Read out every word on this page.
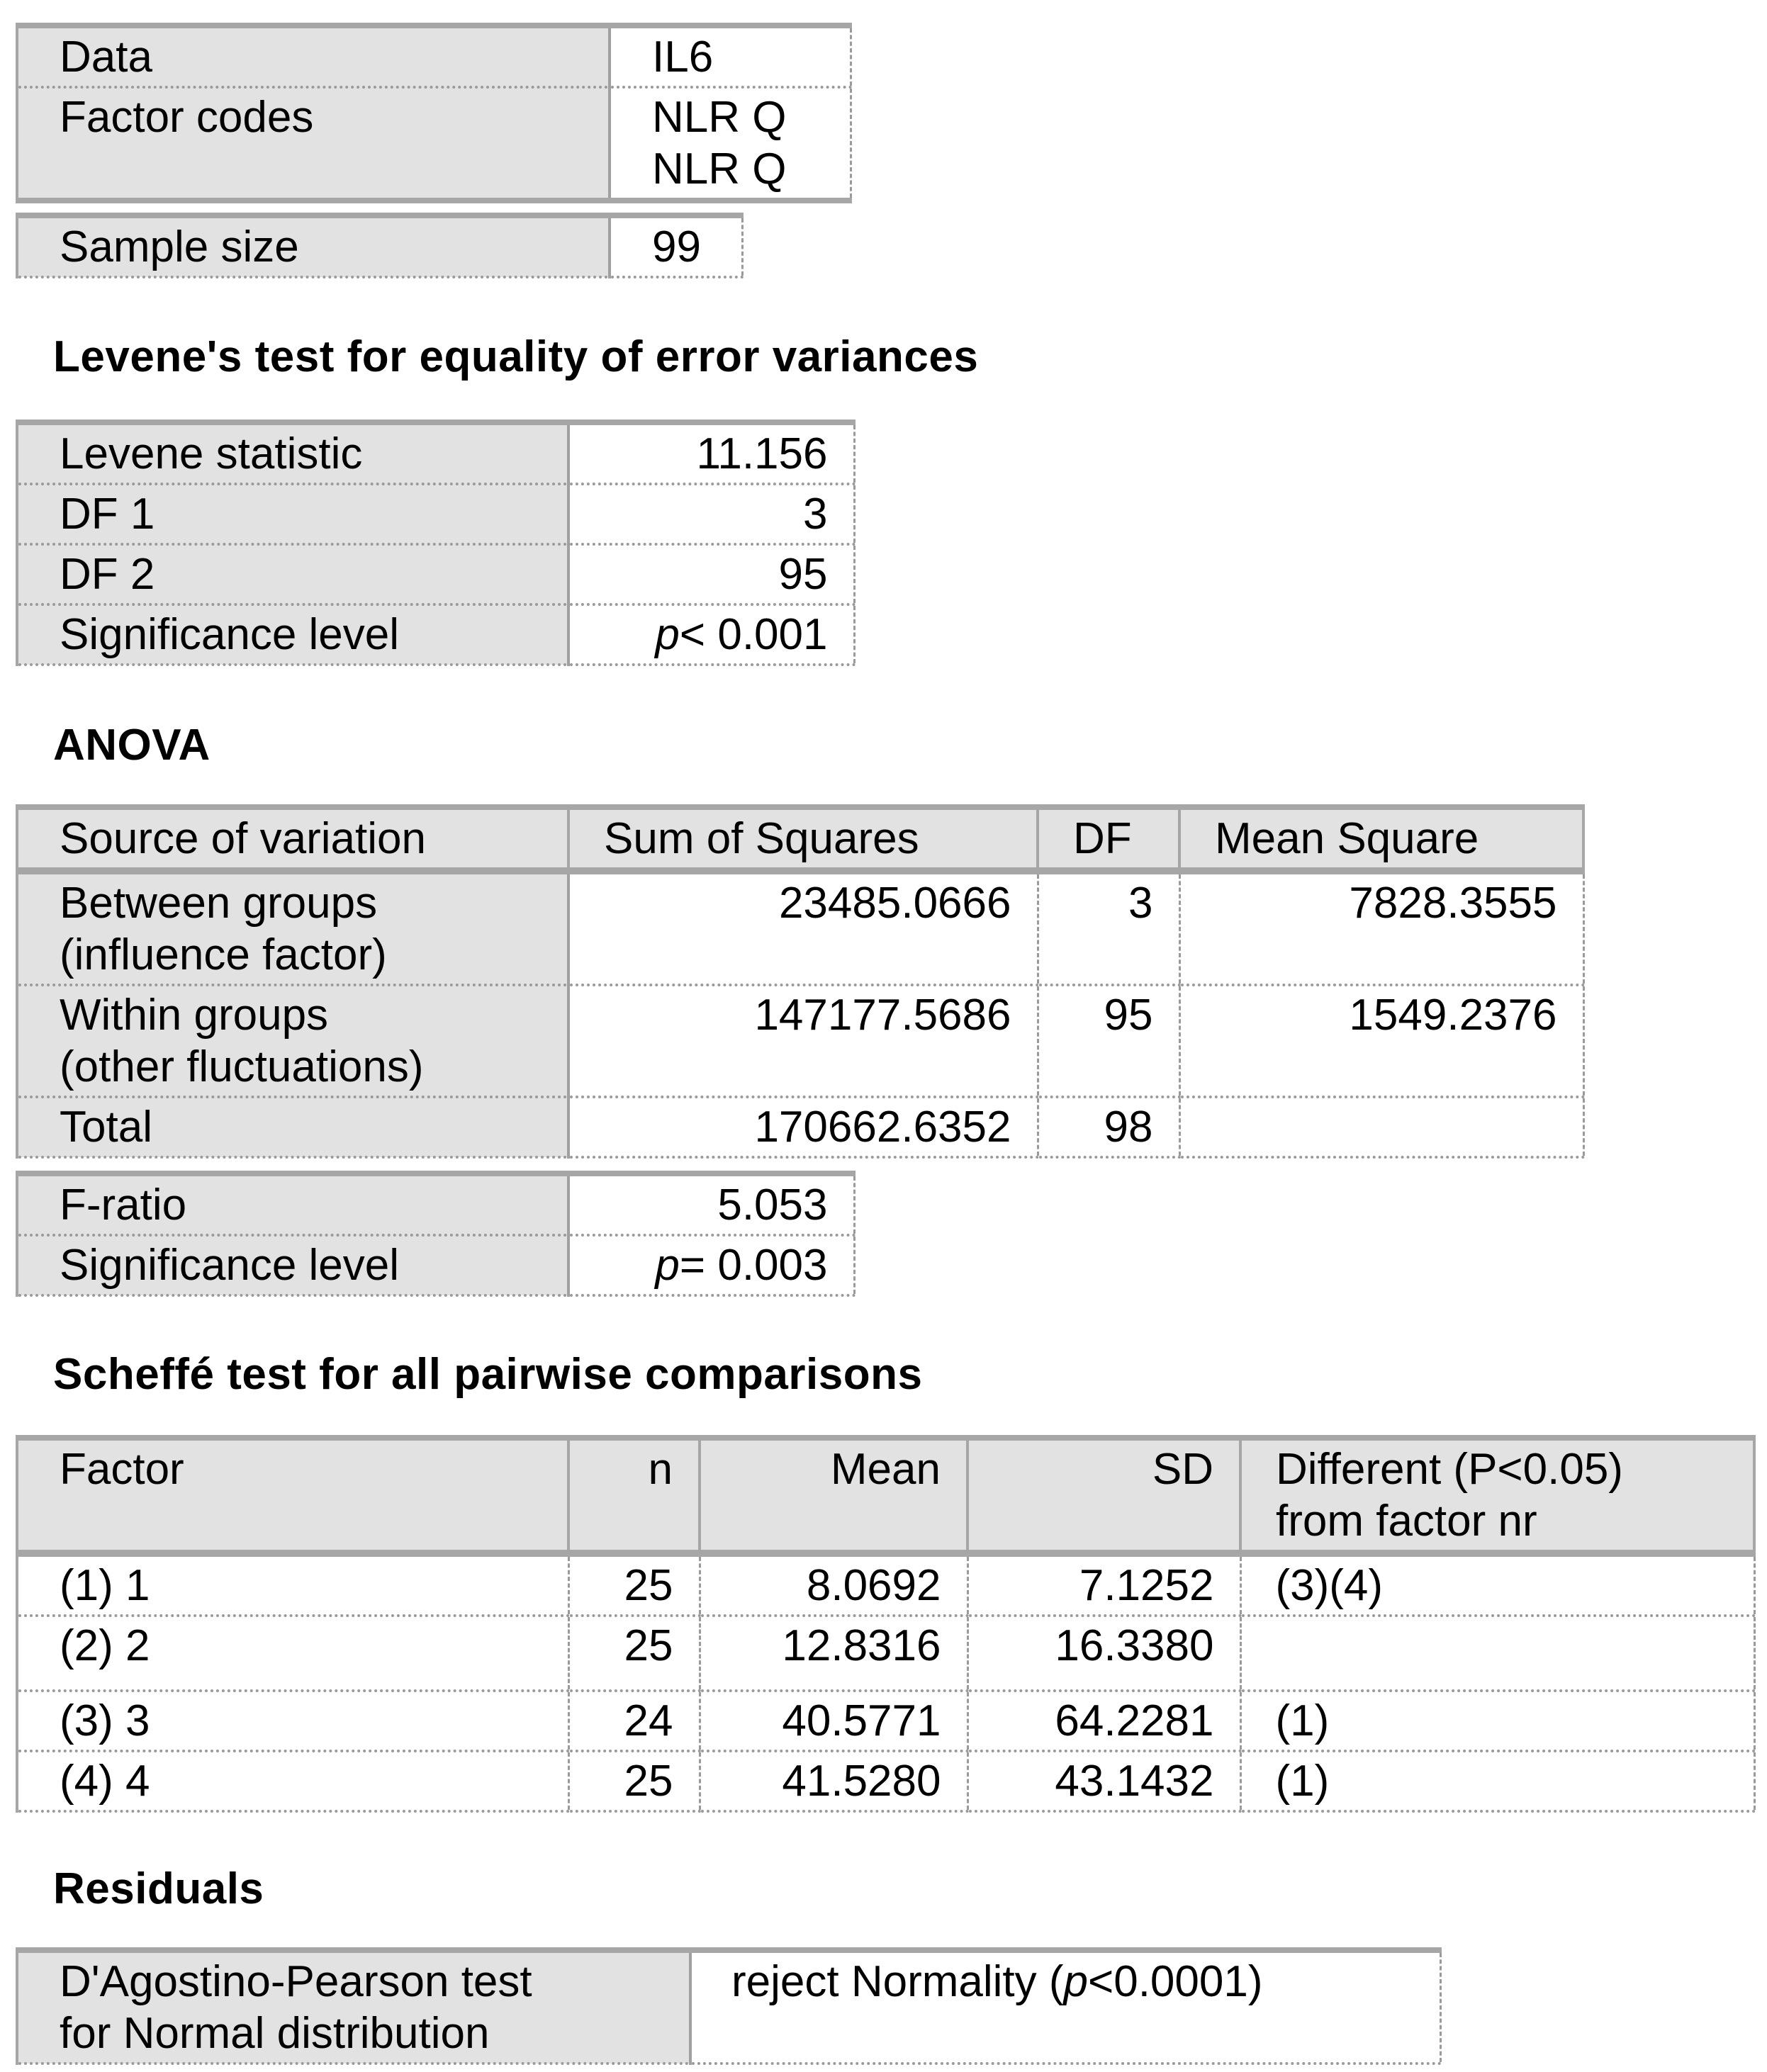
Data	IL6
Factor codes	NLR Q
NLR Q
Sample size	99
Levene's test for equality of error variances
Levene statistic	11.156
DF 1	3
DF 2	95
Significance level	p< 0.001
ANOVA
Source of variation	Sum of Squares	DF	Mean Square

Between groups
(influence factor)	23485.0666	3	7828.3555

Within groups
(other fluctuations)	147177.5686	95	1549.2376

Total	170662.6352	98	
F-ratio	5.053
Significance level	p= 0.003
Scheffé test for all pairwise comparisons
Factor	n	Mean	SD	Different (P<0.05)
from factor nr

(1) 1	25	8.0692	7.1252	(3)(4)
(2) 2	25	12.8316	16.3380	
(3) 3	24	40.5771	64.2281	(1)
(4) 4	25	41.5280	43.1432	(1)
Residuals
D'Agostino-Pearson test
for Normal distribution
	reject Normality (p<0.0001)
